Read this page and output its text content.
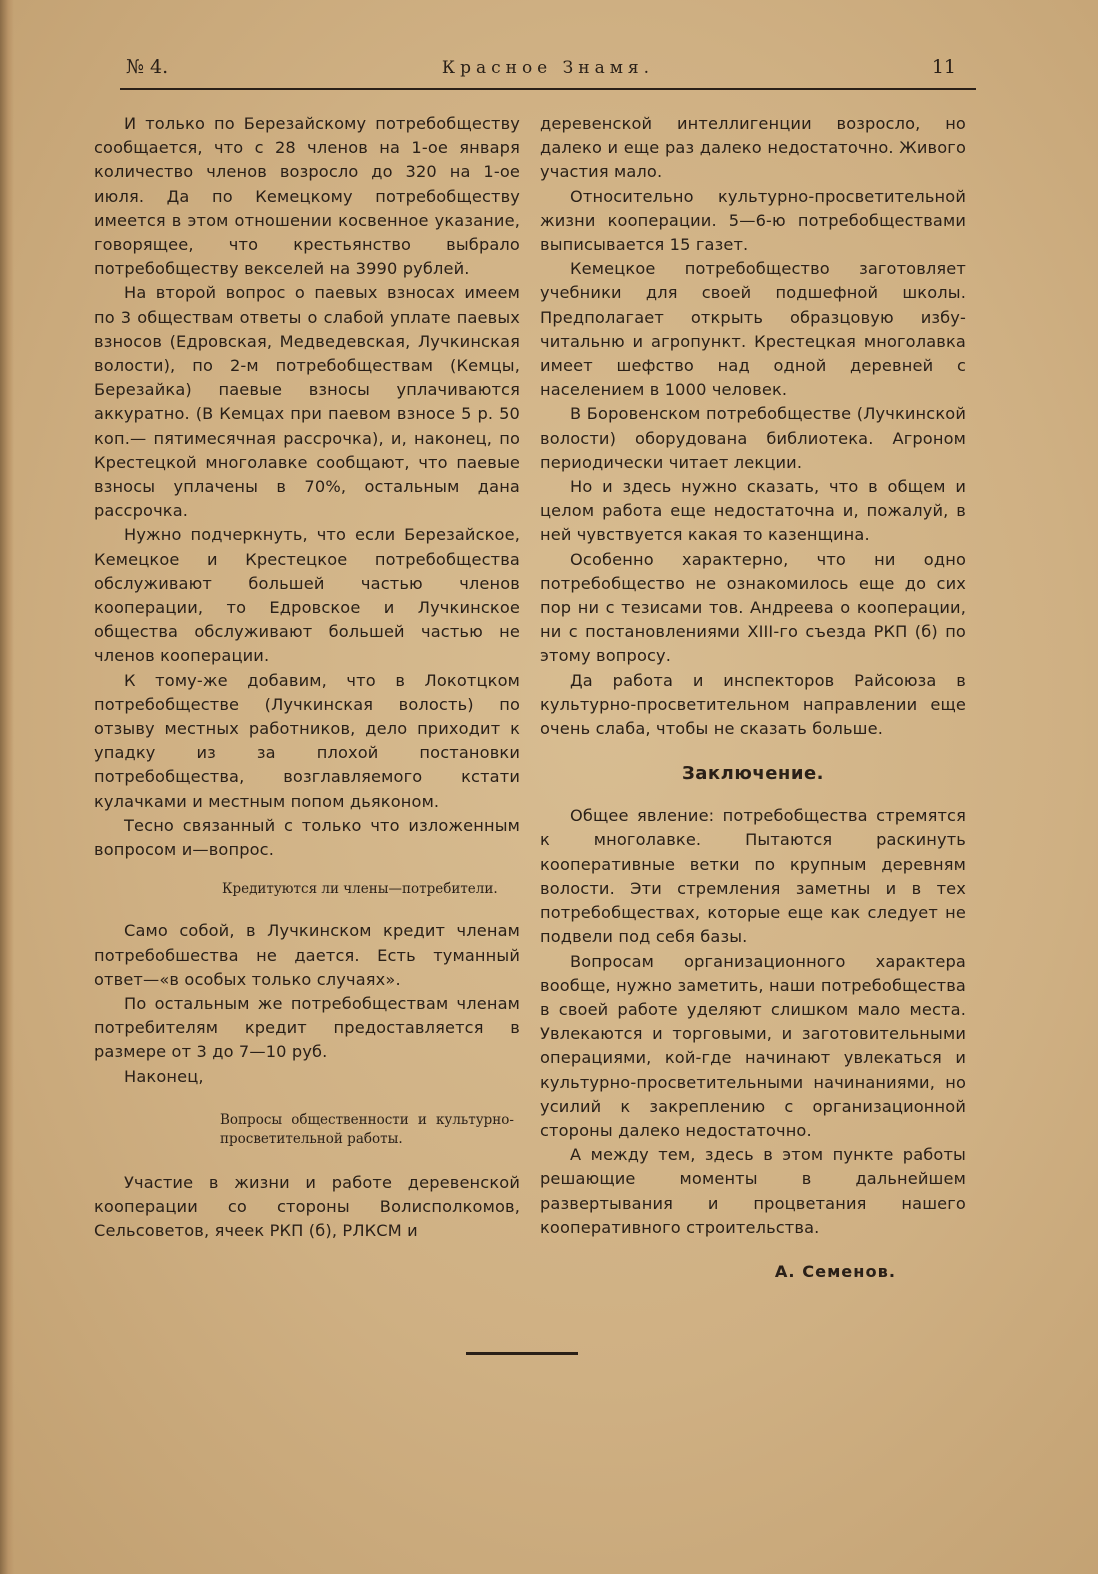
№ 4.	Красное Знамя.	11

И только по Березайскому потребобществу сообщается, что с 28 членов на 1-ое января количество членов возросло до 320 на 1-ое июля. Да по Кемецкому потребобществу имеется в этом отношении косвенное указание, говорящее, что крестьянство выбрало потребобществу векселей на 3990 рублей.

На второй вопрос о паевых взносах имеем по 3 обществам ответы о слабой уплате паевых взносов (Едровская, Медведевская, Лучкинская волости), по 2-м потребобществам (Кемцы, Березайка) паевые взносы уплачиваются аккуратно. (В Кемцах при паевом взносе 5 р. 50 коп.— пятимесячная рассрочка), и, наконец, по Крестецкой многолавке сообщают, что паевые взносы уплачены в 70%, остальным дана рассрочка.

Нужно подчеркнуть, что если Березайское, Кемецкое и Крестецкое потребобщества обслуживают большей частью членов кооперации, то Едровское и Лучкинское общества обслуживают большей частью не членов кооперации.

К тому-же добавим, что в Локотцком потребобществе (Лучкинская волость) по отзыву местных работников, дело приходит к упадку из за плохой постановки потребобщества, возглавляемого кстати кулачками и местным попом дьяконом.

Тесно связанный с только что изложенным вопросом и—вопрос.

Кредитуются ли члены—потребители.

Само собой, в Лучкинском кредит членам потребобшества не дается. Есть туманный ответ—«в особых только случаях».

По остальным же потребобществам членам потребителям кредит предоставляется в размере от 3 до 7—10 руб.

Наконец,

Вопросы общественности и культурно-просветительной работы.

Участие в жизни и работе деревенской кооперации со стороны Волисполкомов, Сельсоветов, ячеек РКП (б), РЛКСМ и

деревенской интеллигенции возросло, но далеко и еще раз далеко недостаточно. Живого участия мало.

Относительно культурно-просветительной жизни кооперации. 5—6-ю потребобществами выписывается 15 газет.

Кемецкое потребобщество заготовляет учебники для своей подшефной школы. Предполагает открыть образцовую избу-читальню и агропункт. Крестецкая многолавка имеет шефство над одной деревней с населением в 1000 человек.

В Боровенском потребобществе (Лучкинской волости) оборудована библиотека. Агроном периодически читает лекции.

Но и здесь нужно сказать, что в общем и целом работа еще недостаточна и, пожалуй, в ней чувствуется какая то казенщина.

Особенно характерно, что ни одно потребобщество не ознакомилось еще до сих пор ни с тезисами тов. Андреева о кооперации, ни с постановлениями XIII-го съезда РКП (б) по этому вопросу.

Да работа и инспекторов Райсоюза в культурно-просветительном направлении еще очень слаба, чтобы не сказать больше.

Заключение.

Общее явление: потребобщества стремятся к многолавке. Пытаются раскинуть кооперативные ветки по крупным деревням волости. Эти стремления заметны и в тех потребобществах, которые еще как следует не подвели под себя базы.

Вопросам организационного характера вообще, нужно заметить, наши потребобщества в своей работе уделяют слишком мало места. Увлекаются и торговыми, и заготовительными операциями, кой-где начинают увлекаться и культурно-просветительными начинаниями, но усилий к закреплению с организационной стороны далеко недостаточно.

А между тем, здесь в этом пункте работы решающие моменты в дальнейшем развертывания и процветания нашего кооперативного строительства.

А. Семенов.
